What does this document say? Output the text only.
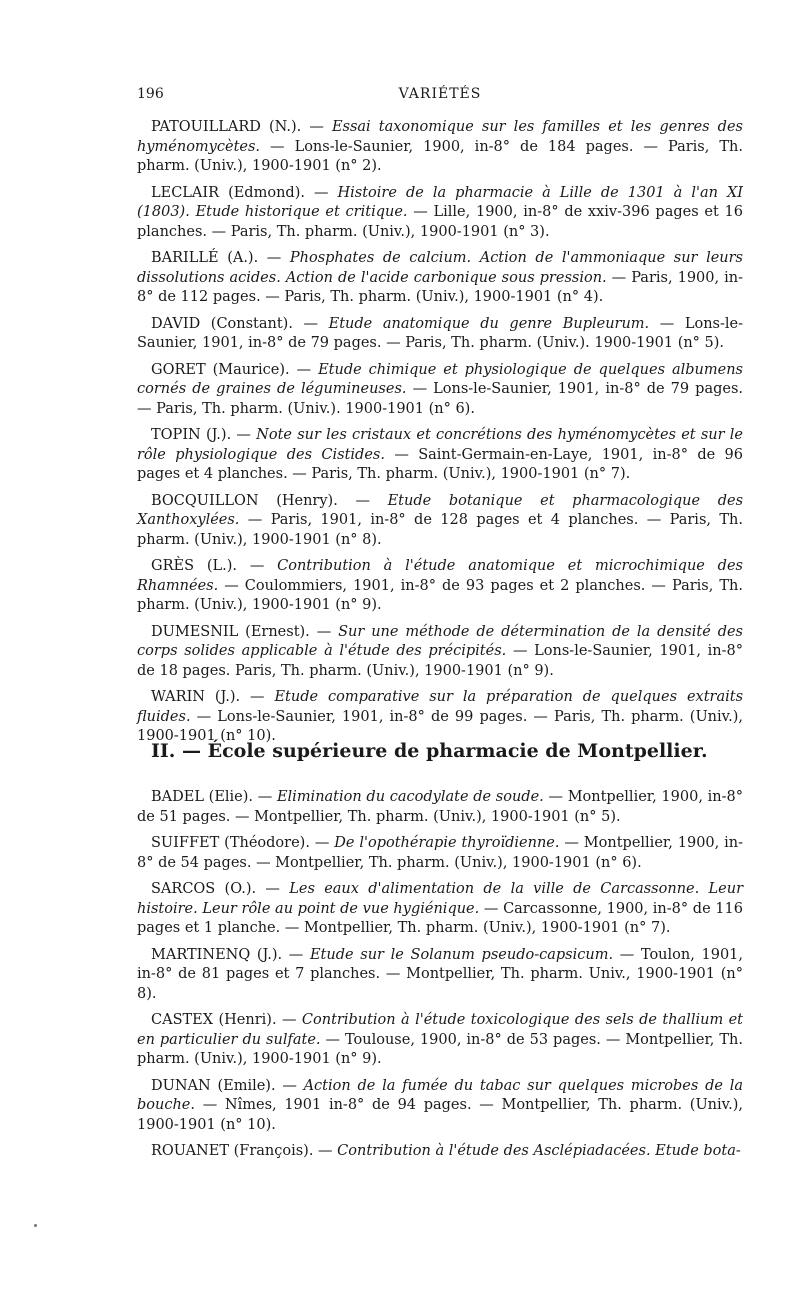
196	VARIÉTÉS

PATOUILLARD (N.). — Essai taxonomique sur les familles et les genres des hyménomycètes. — Lons-le-Saunier, 1900, in-8° de 184 pages. — Paris, Th. pharm. (Univ.), 1900-1901 (n° 2).

LECLAIR (Edmond). — Histoire de la pharmacie à Lille de 1301 à l'an XI (1803). Etude historique et critique. — Lille, 1900, in-8° de xxiv-396 pages et 16 planches. — Paris, Th. pharm. (Univ.), 1900-1901 (n° 3).

BARILLÉ (A.). — Phosphates de calcium. Action de l'ammoniaque sur leurs dissolutions acides. Action de l'acide carbonique sous pression. — Paris, 1900, in-8° de 112 pages. — Paris, Th. pharm. (Univ.), 1900-1901 (n° 4).

DAVID (Constant). — Etude anatomique du genre Bupleurum. — Lons-le-Saunier, 1901, in-8° de 79 pages. — Paris, Th. pharm. (Univ.). 1900-1901 (n° 5).

GORET (Maurice). — Etude chimique et physiologique de quelques albumens cornés de graines de légumineuses. — Lons-le-Saunier, 1901, in-8° de 79 pages. — Paris, Th. pharm. (Univ.). 1900-1901 (n° 6).

TOPIN (J.). — Note sur les cristaux et concrétions des hyménomycètes et sur le rôle physiologique des Cistides. — Saint-Germain-en-Laye, 1901, in-8° de 96 pages et 4 planches. — Paris, Th. pharm. (Univ.), 1900-1901 (n° 7).

BOCQUILLON (Henry). — Etude botanique et pharmacologique des Xanthoxylées. — Paris, 1901, in-8° de 128 pages et 4 planches. — Paris, Th. pharm. (Univ.), 1900-1901 (n° 8).

GRÈS (L.). — Contribution à l'étude anatomique et microchimique des Rhamnées. — Coulommiers, 1901, in-8° de 93 pages et 2 planches. — Paris, Th. pharm. (Univ.), 1900-1901 (n° 9).

DUMESNIL (Ernest). — Sur une méthode de détermination de la densité des corps solides applicable à l'étude des précipités. — Lons-le-Saunier, 1901, in-8° de 18 pages. Paris, Th. pharm. (Univ.), 1900-1901 (n° 9).

WARIN (J.). — Etude comparative sur la préparation de quelques extraits fluides. — Lons-le-Saunier, 1901, in-8° de 99 pages. — Paris, Th. pharm. (Univ.), 1900-1901 (n° 10).

II. — École supérieure de pharmacie de Montpellier.

BADEL (Elie). — Elimination du cacodylate de soude. — Montpellier, 1900, in-8° de 51 pages. — Montpellier, Th. pharm. (Univ.), 1900-1901 (n° 5).

SUIFFET (Théodore). — De l'opothérapie thyroïdienne. — Montpellier, 1900, in-8° de 54 pages. — Montpellier, Th. pharm. (Univ.), 1900-1901 (n° 6).

SARCOS (O.). — Les eaux d'alimentation de la ville de Carcassonne. Leur histoire. Leur rôle au point de vue hygiénique. — Carcassonne, 1900, in-8° de 116 pages et 1 planche. — Montpellier, Th. pharm. (Univ.), 1900-1901 (n° 7).

MARTINENQ (J.). — Etude sur le Solanum pseudo-capsicum. — Toulon, 1901, in-8° de 81 pages et 7 planches. — Montpellier, Th. pharm. Univ., 1900-1901 (n° 8).

CASTEX (Henri). — Contribution à l'étude toxicologique des sels de thallium et en particulier du sulfate. — Toulouse, 1900, in-8° de 53 pages. — Montpellier, Th. pharm. (Univ.), 1900-1901 (n° 9).

DUNAN (Emile). — Action de la fumée du tabac sur quelques microbes de la bouche. — Nîmes, 1901 in-8° de 94 pages. — Montpellier, Th. pharm. (Univ.), 1900-1901 (n° 10).

ROUANET (François). — Contribution à l'étude des Asclépiadacées. Etude bota-
